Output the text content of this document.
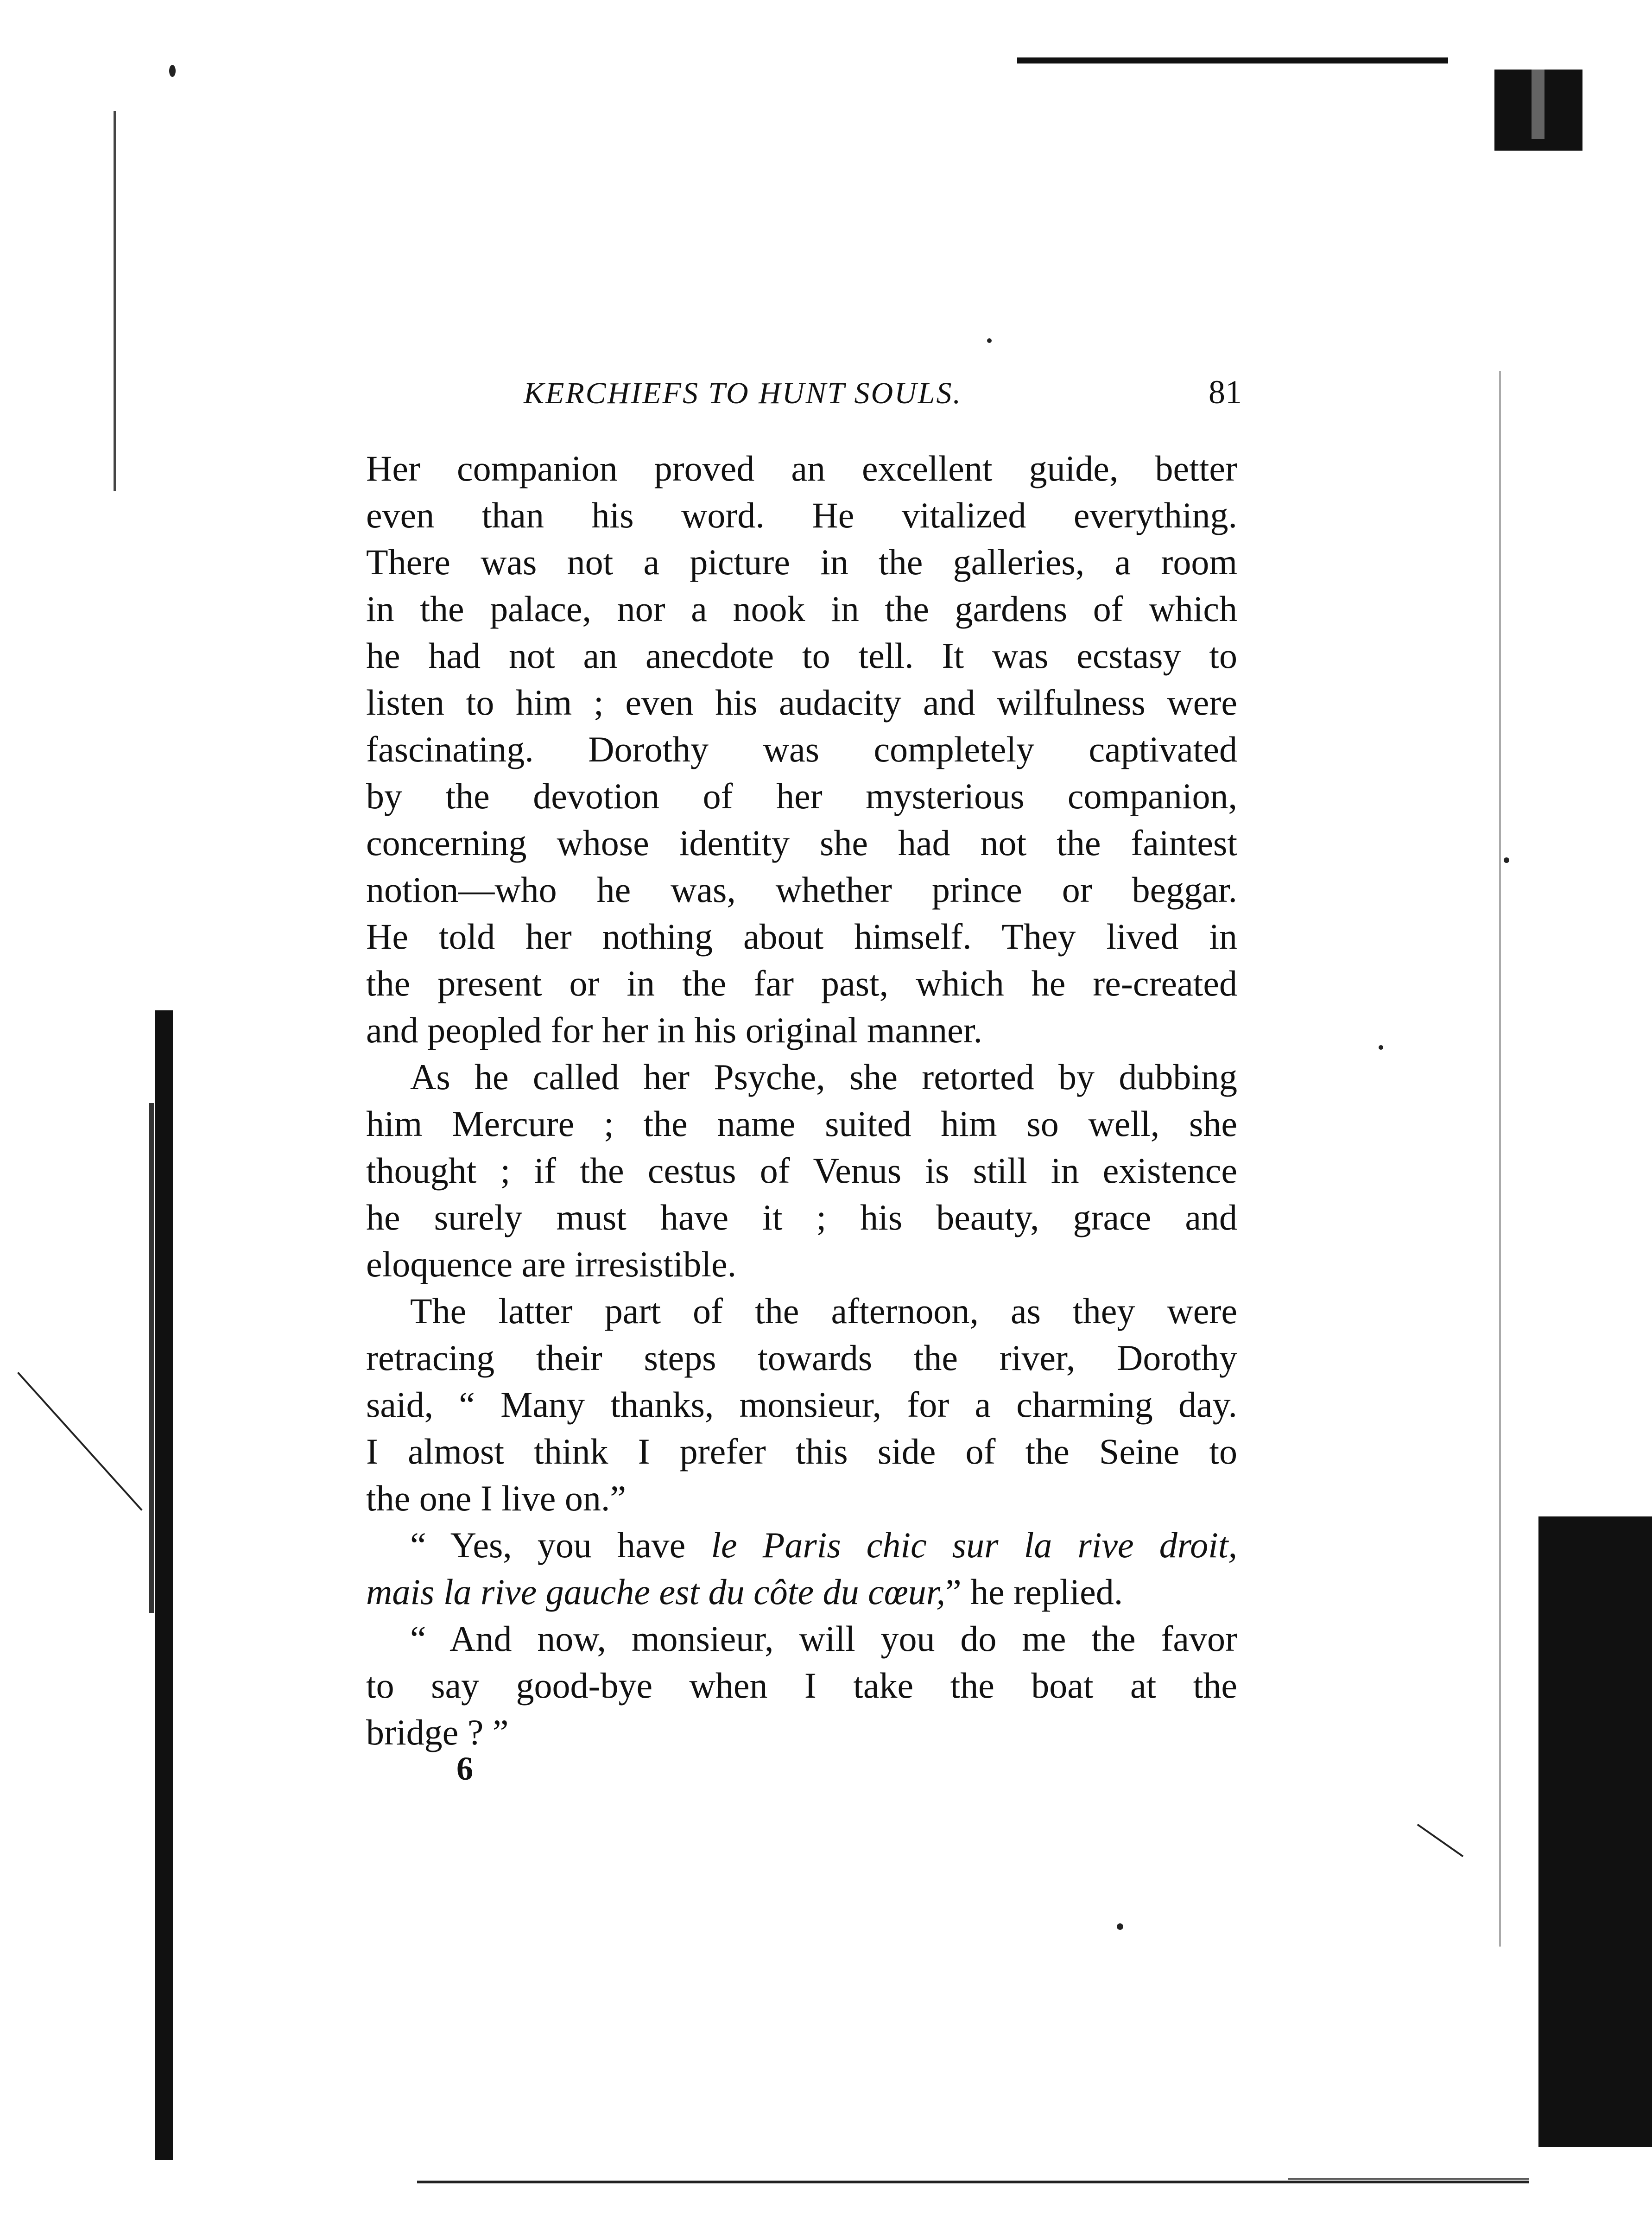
KERCHIEFS TO HUNT SOULS.	81
Her companion proved an excellent guide, better
even than his word. He vitalized everything.
There was not a picture in the galleries, a room
in the palace, nor a nook in the gardens of which
he had not an anecdote to tell. It was ecstasy to
listen to him ; even his audacity and wilfulness were
fascinating. Dorothy was completely captivated
by the devotion of her mysterious companion,
concerning whose identity she had not the faintest
notion—who he was, whether prince or beggar.
He told her nothing about himself. They lived in
the present or in the far past, which he re-created
and peopled for her in his original manner.
As he called her Psyche, she retorted by dubbing
him Mercure ; the name suited him so well, she
thought ; if the cestus of Venus is still in existence
he surely must have it ; his beauty, grace and
eloquence are irresistible.
The latter part of the afternoon, as they were
retracing their steps towards the river, Dorothy
said, “ Many thanks, monsieur, for a charming day.
I almost think I prefer this side of the Seine to
the one I live on.”
“ Yes, you have le Paris chic sur la rive droit,
mais la rive gauche est du côte du cœur,” he replied.
“ And now, monsieur, will you do me the favor
to say good-bye when I take the boat at the
bridge ? ”
6
